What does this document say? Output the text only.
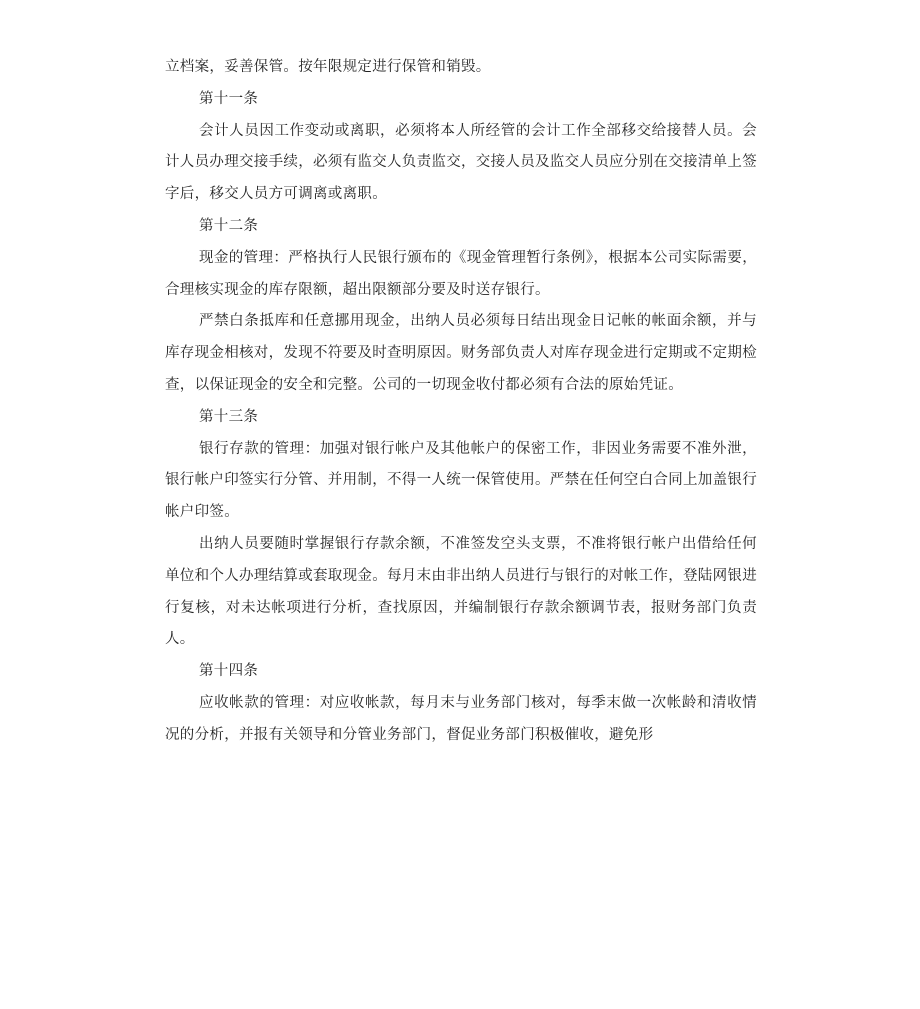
立档案，妥善保管。按年限规定进行保管和销毁。

第十一条

会计人员因工作变动或离职，必须将本人所经管的会计工作全部移交给接替人员。会计人员办理交接手续，必须有监交人负责监交，交接人员及监交人员应分别在交接清单上签字后，移交人员方可调离或离职。

第十二条

现金的管理：严格执行人民银行颁布的《现金管理暂行条例》，根据本公司实际需要，合理核实现金的库存限额，超出限额部分要及时送存银行。

严禁白条抵库和任意挪用现金，出纳人员必须每日结出现金日记帐的帐面余额，并与库存现金相核对，发现不符要及时查明原因。财务部负责人对库存现金进行定期或不定期检查，以保证现金的安全和完整。公司的一切现金收付都必须有合法的原始凭证。

第十三条

银行存款的管理：加强对银行帐户及其他帐户的保密工作，非因业务需要不准外泄，银行帐户印签实行分管、并用制，不得一人统一保管使用。严禁在任何空白合同上加盖银行帐户印签。

出纳人员要随时掌握银行存款余额，不准签发空头支票，不准将银行帐户出借给任何单位和个人办理结算或套取现金。每月末由非出纳人员进行与银行的对帐工作，登陆网银进行复核，对未达帐项进行分析，查找原因，并编制银行存款余额调节表，报财务部门负责人。

第十四条

应收帐款的管理：对应收帐款，每月末与业务部门核对，每季末做一次帐龄和清收情况的分析，并报有关领导和分管业务部门，督促业务部门积极催收，避免形
